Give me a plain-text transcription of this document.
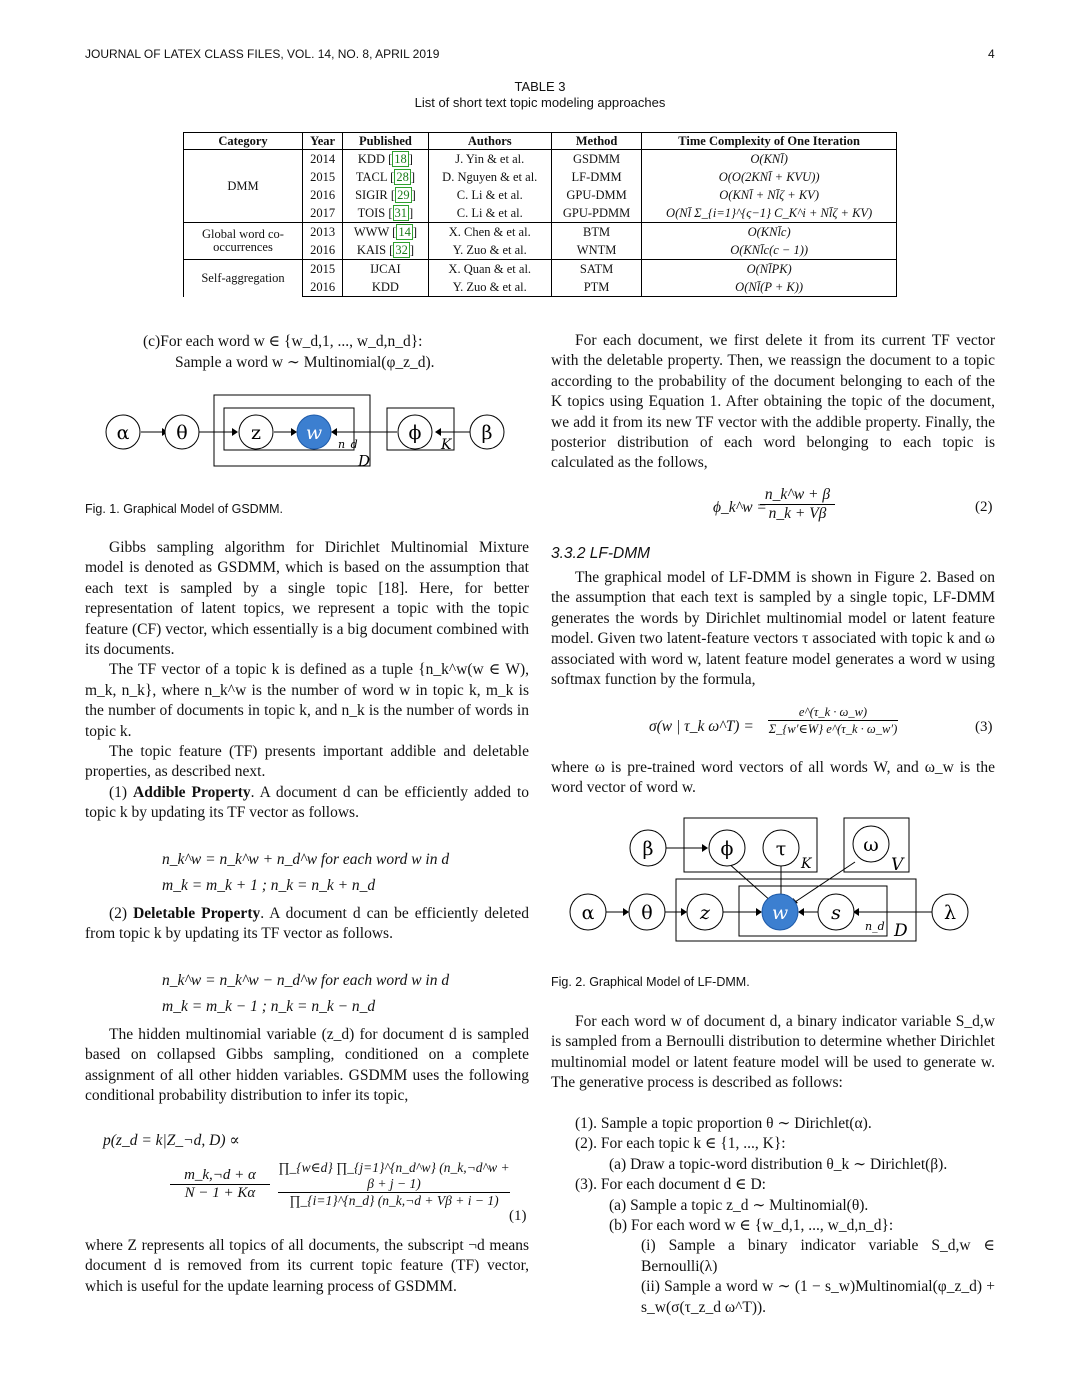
JOURNAL OF LATEX CLASS FILES, VOL. 14, NO. 8, APRIL 2019	4
TABLE 3
List of short text topic modeling approaches
Category	Year	Published	Authors	Method	Time Complexity of One Iteration
DMM	2014	KDD [ 18 ]	J. Yin & et al.	GSDMM	O(KNl̄)
	2015	TACL [ 28 ]	D. Nguyen & et al.	LF-DMM	O(O(2KNl̄ + KVU))
	2016	SIGIR [ 29 ]	C. Li & et al.	GPU-DMM	O(KNl̄ + Nl̄ζ + KV)
	2017	TOIS [ 31 ]	C. Li & et al.	GPU-PDMM	O(Nl̄ Σ_{i=1}^{ς−1} C_K^i + Nl̄ζ + KV)
Global word co-occurrences	2013	WWW [ 14 ]	X. Chen & et al.	BTM	O(KNl̄c)
	2016	KAIS [ 32 ]	Y. Zuo & et al.	WNTM	O(KNl̄c(c − 1))
Self-aggregation	2015	IJCAI	X. Quan & et al.	SATM	O(Nl̄PK)
	2016	KDD	Y. Zuo & et al.	PTM	O(Nl̄(P + K))
(c)For each word w ∈ {w_d,1, ..., w_d,n_d}:
Sample a word w ∼ Multinomial(φ_z_d).
α θ	z w	ϕ	β
n_d
D
K
Fig. 1. Graphical Model of GSDMM.

Gibbs sampling algorithm for Dirichlet Multinomial Mixture model is denoted as GSDMM, which is based on the assumption that each text is sampled by a single topic [18]. Here, for better representation of latent topics, we represent a topic with the topic feature (CF) vector, which essentially is a big document combined with its documents.

The TF vector of a topic k is defined as a tuple {n_k^w(w ∈ W), m_k, n_k}, where n_k^w is the number of word w in topic k, m_k is the number of documents in topic k, and n_k is the number of words in topic k.

The topic feature (TF) presents important addible and deletable properties, as described next.

(1) Addible Property. A document d can be efficiently added to topic k by updating its TF vector as follows.

n_k^w = n_k^w + n_d^w for each word w in d
m_k = m_k + 1 ; n_k = n_k + n_d

(2) Deletable Property. A document d can be efficiently deleted from topic k by updating its TF vector as follows.

n_k^w = n_k^w − n_d^w for each word w in d
m_k = m_k − 1 ; n_k = n_k − n_d

The hidden multinomial variable (z_d) for document d is sampled based on collapsed Gibbs sampling, conditioned on a complete assignment of all other hidden variables. GSDMM uses the following conditional probability distribution to infer its topic,

p(z_d = k|Z_¬d, D) ∝
m_k,¬d + α
N − 1 + Kα
∏_{w∈d} ∏_{j=1}^{n_d^w} (n_k,¬d^w + β + j − 1)
∏_{i=1}^{n_d} (n_k,¬d + Vβ + i − 1)
(1)

where Z represents all topics of all documents, the subscript ¬d means document d is removed from its current topic feature (TF) vector, which is useful for the update learning process of GSDMM.

For each document, we first delete it from its current TF vector with the deletable property. Then, we reassign the document to a topic according to the probability of the document belonging to each of the K topics using Equation 1. After obtaining the topic of the document, we add it from its new TF vector with the addible property. Finally, the posterior distribution of each word belonging to each topic is calculated as the follows,

ϕ_k^w =
$\frac{n\_k\^{}w + \beta}{n\_k + V\beta}$	(2)
3.3.2 LF-DMM

The graphical model of LF-DMM is shown in Figure 2. Based on the assumption that each text is sampled by a single topic, LF-DMM generates the words by Dirichlet multinomial model or latent feature model. Given two latent-feature vectors τ associated with topic k and ω associated with word w, latent feature model generates a word w using softmax function by the formula,

σ(w | τ_k ω^T) = $\frac{e\^{}(\tau\_k \cdot \omega\_w)}{\Sigma\_\{w'\in W\} e\^{}(\tau\_k \cdot \omega\_w')}$	(3)

where ω is pre-trained word vectors of all words W, and ω_w is the word vector of word w.

β	ϕ τ	ω
α θ z	w s	λ
K	V
n_d D
Fig. 2. Graphical Model of LF-DMM.

For each word w of document d, a binary indicator variable S_d,w is sampled from a Bernoulli distribution to determine whether Dirichlet multinomial model or latent feature model will be used to generate w. The generative process is described as follows:

(1). Sample a topic proportion θ ∼ Dirichlet(α).
(2). For each topic k ∈ {1, ..., K}:
(a) Draw a topic-word distribution θ_k ∼ Dirichlet(β).
(3). For each document d ∈ D:
(a) Sample a topic z_d ∼ Multinomial(θ).
(b) For each word w ∈ {w_d,1, ..., w_d,n_d}:
(i) Sample a binary indicator variable S_d,w ∈ Bernoulli(λ)
(ii) Sample a word w ∼ (1 − s_w)Multinomial(φ_z_d) + s_w(σ(τ_z_d ω^T)).
